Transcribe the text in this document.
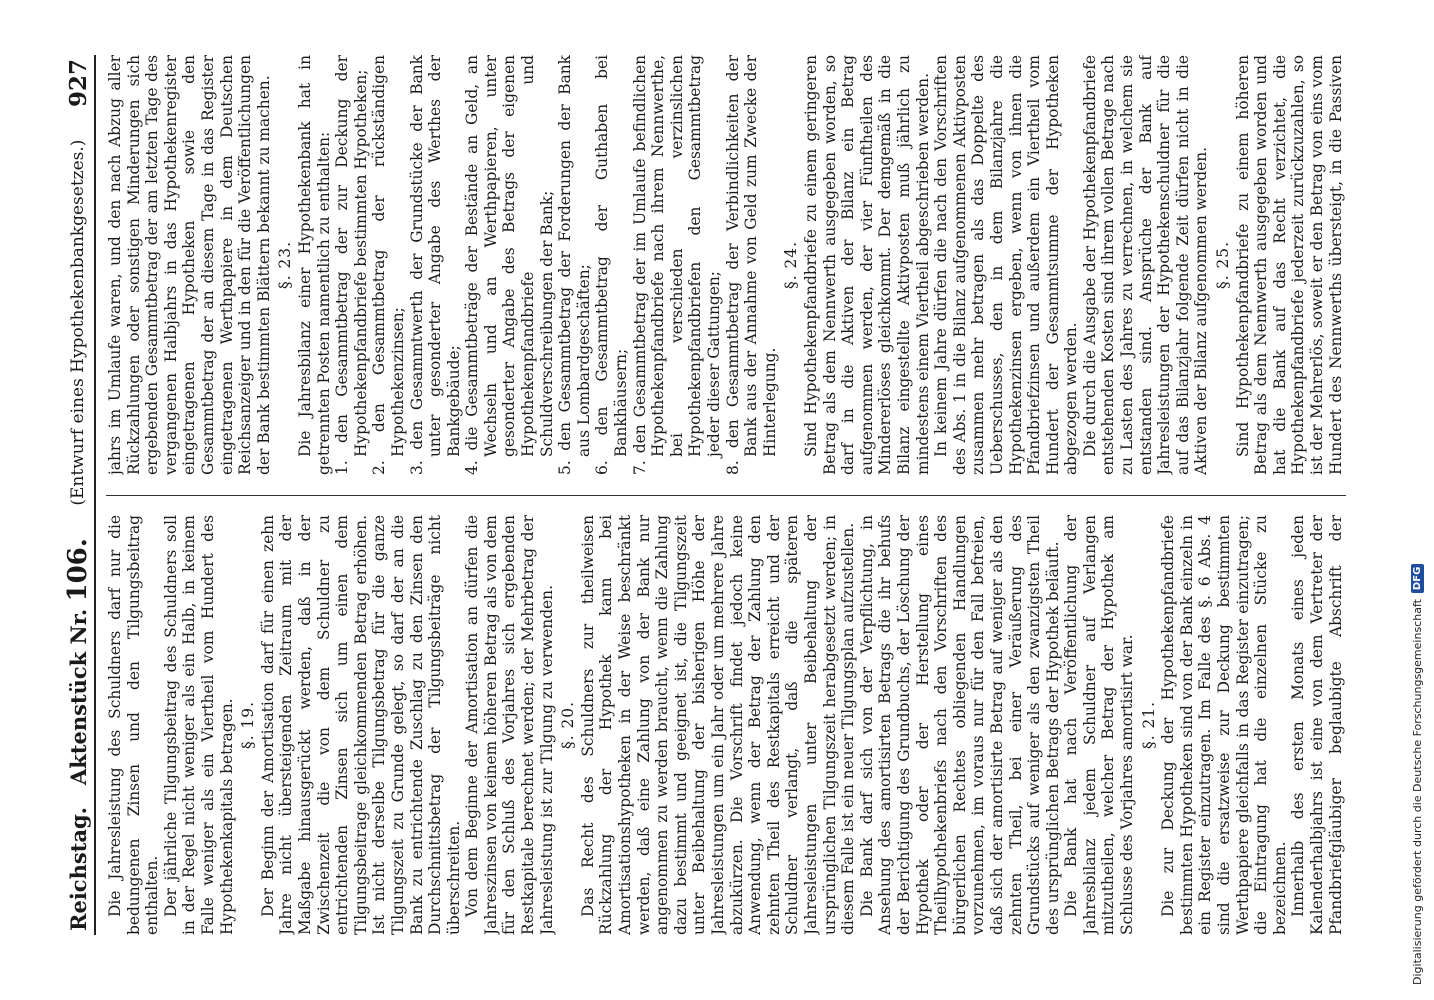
Reichstag.   Aktenstück Nr. 106.
(Entwurf eines Hypothekenbankgesetzes.)
927

Die Jahresleistung des Schuldners darf nur die bedungenen Zinsen und den Tilgungsbeitrag enthalten. Der jährliche Tilgungsbeitrag des Schuldners soll in der Regel nicht weniger als ein Halb, in keinem Falle weniger als ein Viertheil vom Hundert des Hypothekenkapitals betragen. §. 19. Der Beginn der Amortisation darf für einen zehn Jahre nicht übersteigenden Zeitraum mit der Maßgabe hinausgerückt werden, daß in der Zwischenzeit die von dem Schuldner zu entrichtenden Zinsen sich um einen dem Tilgungsbeitrage gleichkommenden Betrag erhöhen. Ist nicht derselbe Tilgungsbetrag für die ganze Tilgungszeit zu Grunde gelegt, so darf der an die Bank zu entrichtende Zuschlag zu den Zinsen den Durchschnittsbetrag der Tilgungsbeiträge nicht überschreiten. Von dem Beginne der Amortisation an dürfen die Jahreszinsen von keinem höheren Betrag als von dem für den Schluß des Vorjahres sich ergebenden Restkapitale berechnet werden; der Mehrbetrag der Jahresleistung ist zur Tilgung zu verwenden. §. 20. Das Recht des Schuldners zur theilweisen Rückzahlung der Hypothek kann bei Amortisationshypotheken in der Weise beschränkt werden, daß eine Zahlung von der Bank nur angenommen zu werden braucht, wenn die Zahlung dazu bestimmt und geeignet ist, die Tilgungszeit unter Beibehaltung der bisherigen Höhe der Jahresleistungen um ein Jahr oder um mehrere Jahre abzukürzen. Die Vorschrift findet jedoch keine Anwendung, wenn der Betrag der Zahlung den zehnten Theil des Restkapitals erreicht und der Schuldner verlangt, daß die späteren Jahresleistungen unter Beibehaltung der ursprünglichen Tilgungszeit herabgesetzt werden; in diesem Falle ist ein neuer Tilgungsplan aufzustellen. Die Bank darf sich von der Verpflichtung, in Ansehung des amortisirten Betrags die ihr behufs der Berichtigung des Grundbuchs, der Löschung der Hypothek oder der Herstellung eines Theilhypothekenbriefs nach den Vorschriften des bürgerlichen Rechtes obliegenden Handlungen vorzunehmen, im voraus nur für den Fall befreien, daß sich der amortisirte Betrag auf weniger als den zehnten Theil, bei einer Veräußerung des Grundstücks auf weniger als den zwanzigsten Theil des ursprünglichen Betrags der Hypothek beläuft. Die Bank hat nach Veröffentlichung der Jahresbilanz jedem Schuldner auf Verlangen mitzutheilen, welcher Betrag der Hypothek am Schlusse des Vorjahres amortisirt war. §. 21. Die zur Deckung der Hypothekenpfandbriefe bestimmten Hypotheken sind von der Bank einzeln in ein Register einzutragen. Im Falle des §. 6 Abs. 4 sind die ersatzweise zur Deckung bestimmten Werthpapiere gleichfalls in das Register einzutragen; die Eintragung hat die einzelnen Stücke zu bezeichnen. Innerhalb des ersten Monats eines jeden Kalenderhalbjahrs ist eine von dem Vertreter der Pfandbriefgläubiger beglaubigte Abschrift der

jahrs im Umlaufe waren, und den nach Abzug aller Rückzahlungen oder sonstigen Minderungen sich ergebenden Gesammtbetrag der am letzten Tage des vergangenen Halbjahrs in das Hypothekenregister eingetragenen Hypotheken sowie den Gesammtbetrag der an diesem Tage in das Register eingetragenen Werthpapiere in dem Deutschen Reichsanzeiger und in den für die Veröffentlichungen der Bank bestimmten Blättern bekannt zu machen. §. 23. Die Jahresbilanz einer Hypothekenbank hat in getrennten Posten namentlich zu enthalten: 1. den Gesammtbetrag der zur Deckung der Hypothekenpfandbriefe bestimmten Hypotheken; 2. den Gesammtbetrag der rückständigen Hypothekenzinsen; 3. den Gesammtwerth der Grundstücke der Bank unter gesonderter Angabe des Werthes der Bankgebäude; 4. die Gesammtbeträge der Bestände an Geld, an Wechseln und an Werthpapieren, unter gesonderter Angabe des Betrags der eigenen Hypothekenpfandbriefe und Schuldverschreibungen der Bank; 5. den Gesammtbetrag der Forderungen der Bank aus Lombardgeschäften; 6. den Gesammtbetrag der Guthaben bei Bankhäusern; 7. den Gesammtbetrag der im Umlaufe befindlichen Hypothekenpfandbriefe nach ihrem Nennwerthe, bei verschieden verzinslichen Hypothekenpfandbriefen den Gesammtbetrag jeder dieser Gattungen; 8. den Gesammtbetrag der Verbindlichkeiten der Bank aus der Annahme von Geld zum Zwecke der Hinterlegung.

§. 24. Sind Hypothekenpfandbriefe zu einem geringeren Betrag als dem Nennwerth ausgegeben worden, so darf in die Aktiven der Bilanz ein Betrag aufgenommen werden, der vier Fünftheilen des Mindererlöses gleichkommt. Der demgemäß in die Bilanz eingestellte Aktivposten muß jährlich zu mindestens einem Viertheil abgeschrieben werden. In keinem Jahre dürfen die nach den Vorschriften des Abs. 1 in die Bilanz aufgenommenen Aktivposten zusammen mehr betragen als das Doppelte des Ueberschusses, den in dem Bilanzjahre die Hypothekenzinsen ergeben, wenn von ihnen die Pfandbriefzinsen und außerdem ein Viertheil vom Hundert der Gesammtsumme der Hypotheken abgezogen werden. Die durch die Ausgabe der Hypothekenpfandbriefe entstehenden Kosten sind ihrem vollen Betrage nach zu Lasten des Jahres zu verrechnen, in welchem sie entstanden sind. Ansprüche der Bank auf Jahresleistungen der Hypothekenschuldner für die auf das Bilanzjahr folgende Zeit dürfen nicht in die Aktiven der Bilanz aufgenommen werden. §. 25.

Sind Hypothekenpfandbriefe zu einem höheren Betrag als dem Nennwerth ausgegeben worden und hat die Bank auf das Recht verzichtet, die Hypothekenpfandbriefe jederzeit zurückzuzahlen, so ist der Mehrerlös, soweit er den Betrag von eins vom Hundert des Nennwerths übersteigt, in die Passiven

Digitalisierung gefördert durch die Deutsche Forschungsgemeinschaft
DFG
